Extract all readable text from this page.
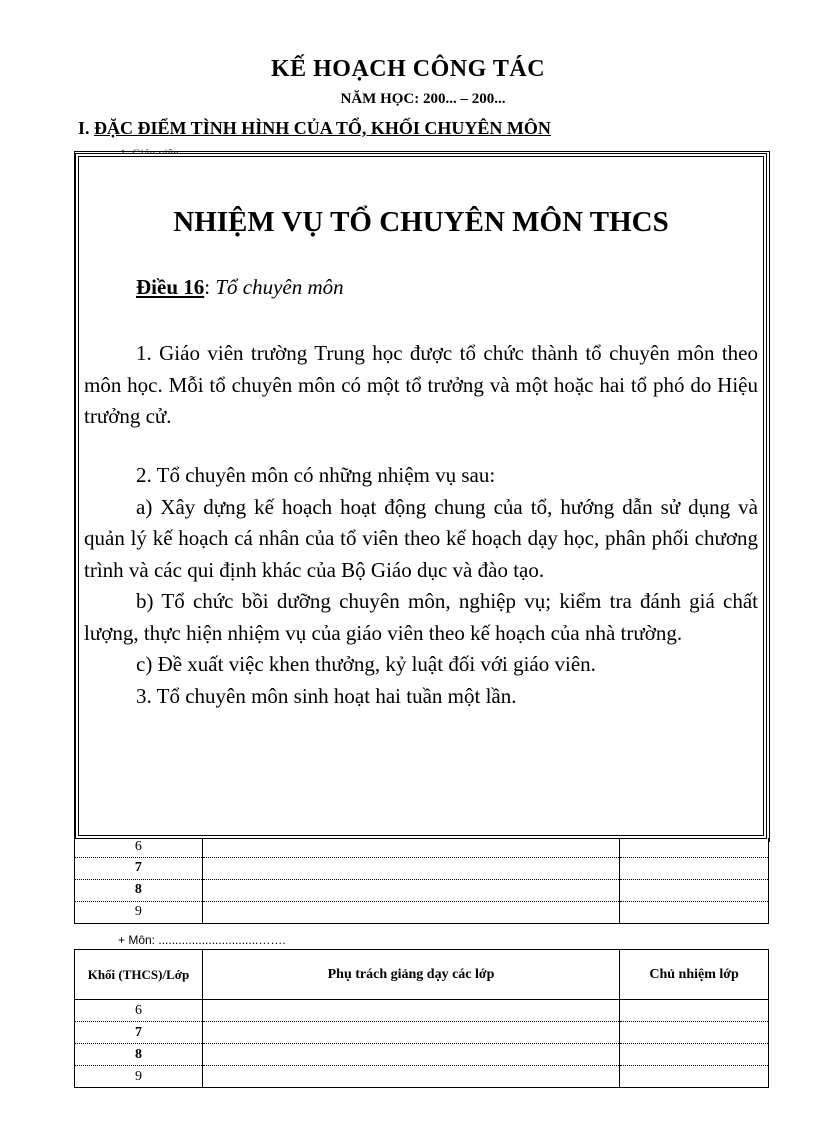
KẾ HOẠCH CÔNG TÁC
NĂM HỌC: 200... – 200...
I. ĐẶC ĐIỂM TÌNH HÌNH CỦA TỔ, KHỐI CHUYÊN MÔN
1. Giáo viên
6		
7		
8		
9		
+ Môn: ..............................…….
Khối (THCS)/Lớp	Phụ trách giảng dạy các lớp	Chủ nhiệm lớp
6		
7		
8		
9		
NHIỆM VỤ TỔ CHUYÊN MÔN THCS
Điều 16: Tổ chuyên môn

1. Giáo viên trường Trung học được tổ chức thành tổ chuyên môn theo môn học. Mỗi tổ chuyên môn có một tổ trưởng và một hoặc hai tổ phó do Hiệu trưởng cử.

2. Tổ chuyên môn có những nhiệm vụ sau:

a) Xây dựng kế hoạch hoạt động chung của tổ, hướng dẫn sử dụng và quản lý kế hoạch cá nhân của tổ viên theo kế hoạch dạy học, phân phối chương trình và các qui định khác của Bộ Giáo dục và đào tạo.

b) Tổ chức bồi dưỡng chuyên môn, nghiệp vụ; kiểm tra đánh giá chất lượng, thực hiện nhiệm vụ của giáo viên theo kế hoạch của nhà trường.

c) Đề xuất việc khen thưởng, kỷ luật đối với giáo viên.

3. Tổ chuyên môn sinh hoạt hai tuần một lần.
